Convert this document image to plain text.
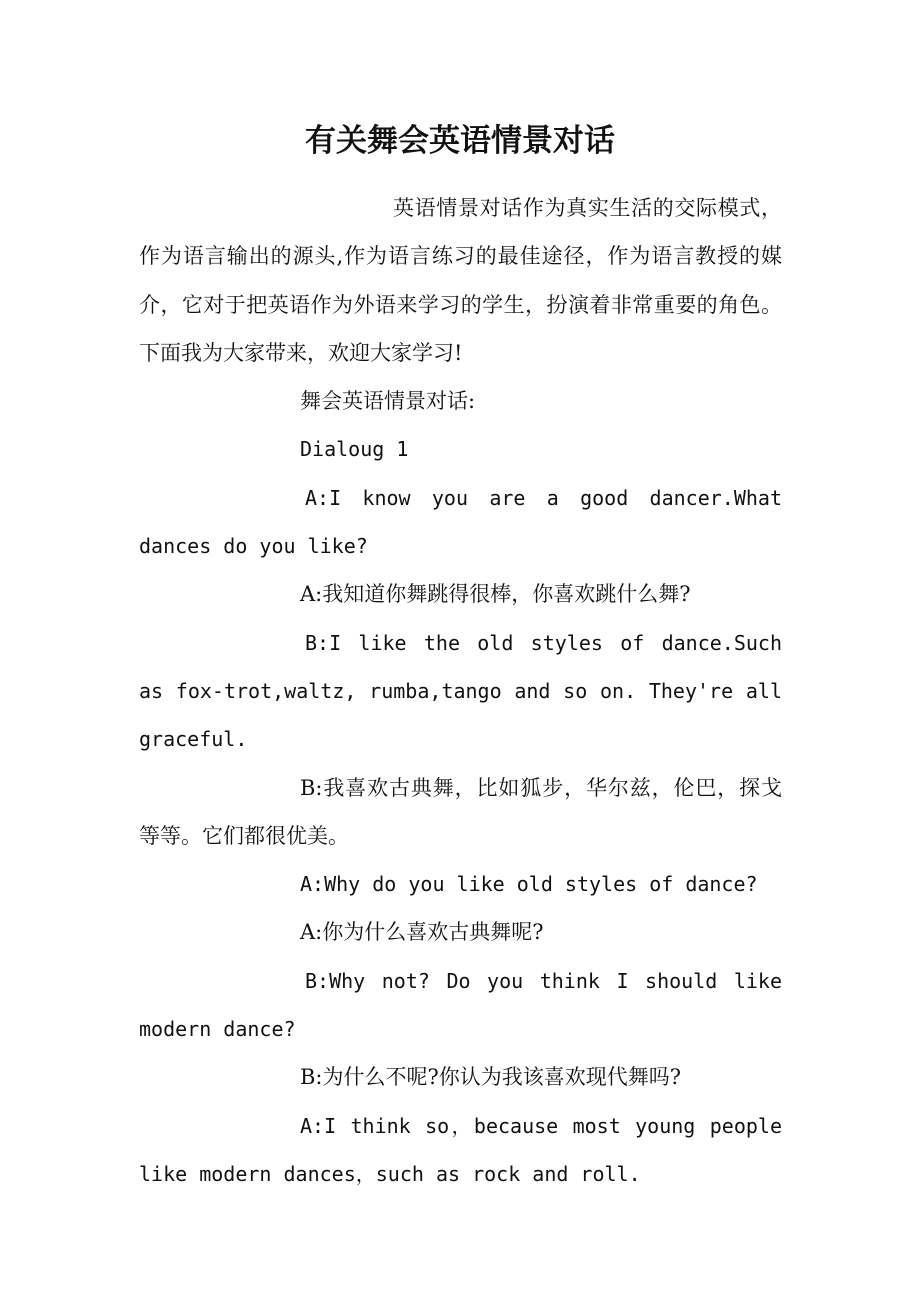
有关舞会英语情景对话

英语情景对话作为真实生活的交际模式，作为语言输出的源头,作为语言练习的最佳途径，作为语言教授的媒介，它对于把英语作为外语来学习的学生，扮演着非常重要的角色。下面我为大家带来，欢迎大家学习!

舞会英语情景对话:

Dialoug 1

A:I know you are a good dancer.What dances do you like?

A:我知道你舞跳得很棒，你喜欢跳什么舞?

B:I like the old styles of dance.Such as fox-trot,waltz, rumba,tango and so on. They're all graceful.

B:我喜欢古典舞，比如狐步，华尔兹，伦巴，探戈等等。它们都很优美。

A:Why do you like old styles of dance?

A:你为什么喜欢古典舞呢?

B:Why not? Do you think I should like modern dance?

B:为什么不呢?你认为我该喜欢现代舞吗?

A:I think so，because most young people like modern dances，such as rock and roll.
